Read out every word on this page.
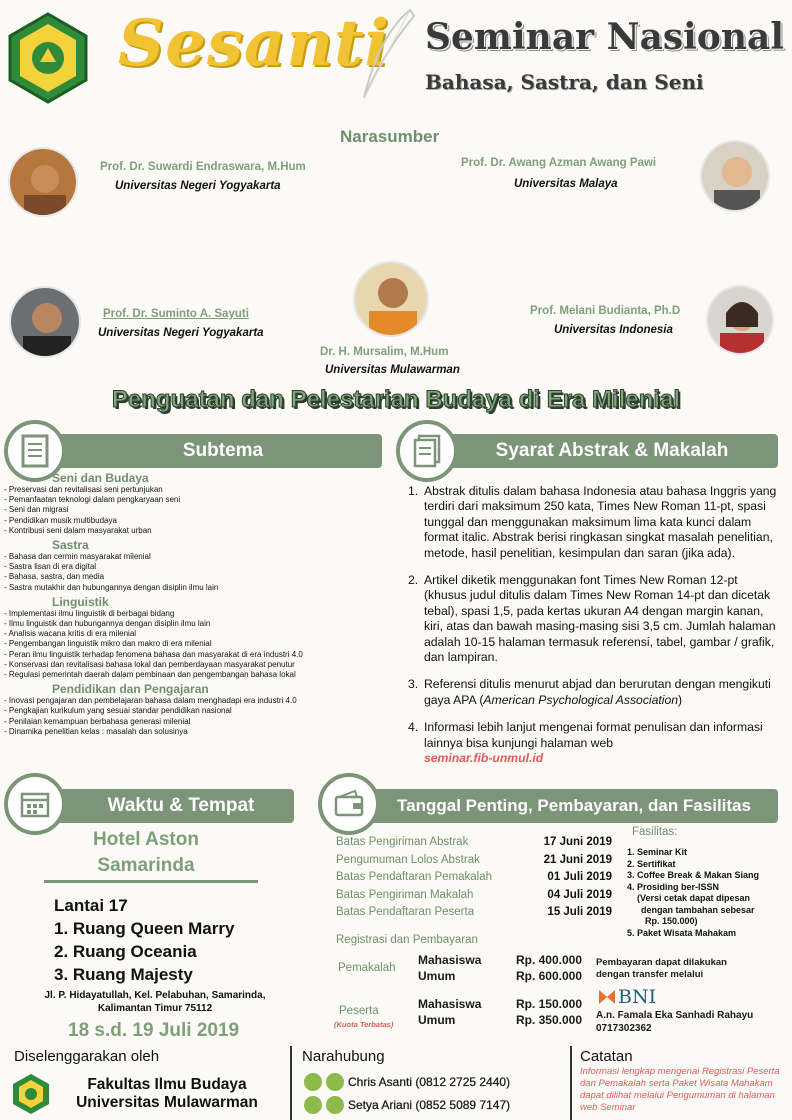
Sesanti Seminar Nasional
Bahasa, Sastra, dan Seni
Narasumber
Prof. Dr. Suwardi Endraswara, M.Hum
Universitas Negeri Yogyakarta
Prof. Dr. Awang Azman Awang Pawi
Universitas Malaya
Prof. Dr. Suminto A. Sayuti
Universitas Negeri Yogyakarta
Dr. H. Mursalim, M.Hum
Universitas Mulawarman
Prof. Melani Budianta, Ph.D
Universitas Indonesia
Penguatan dan Pelestarian Budaya di Era Milenial
Subtema
Seni dan Budaya
- Preservasi dan revitalisasi seni pertunjukan
- Pemanfaatan teknologi dalam pengkaryaan seni
- Seni dan migrasi
- Pendidikan musik multibudaya
- Kontribusi seni dalam masyarakat urban
Sastra
- Bahasa dan cermin masyarakat milenial
- Sastra lisan di era digital
- Bahasa, sastra, dan media
- Sastra mutakhir dan hubungannya dengan disiplin ilmu lain
Linguistik
- Implementasi ilmu linguistik di berbagai bidang
- Ilmu linguistik dan hubungannya dengan disiplin ilmu lain
- Analisis wacana kritis di era milenial
- Pengembangan linguistik mikro dan makro di era milenial
- Peran ilmu linguistik terhadap fenomena bahasa dan masyarakat di era industri 4.0
- Konservasi dan revitalisasi bahasa lokal dan pemberdayaan masyarakat penutur
- Regulasi pemerintah daerah dalam pembinaan dan pengembangan bahasa lokal
Pendidikan dan Pengajaran
- Inovasi pengajaran dan pembelajaran bahasa dalam menghadapi era industri 4.0
- Pengkajian kurikulum yang sesuai standar pendidikan nasional
- Penilaian kemampuan berbahasa generasi milenial
- Dinamika penelitian kelas : masalah dan solusinya
Syarat Abstrak & Makalah
1. Abstrak ditulis dalam bahasa Indonesia atau bahasa Inggris yang terdiri dari maksimum 250 kata, Times New Roman 11-pt, spasi tunggal dan menggunakan maksimum lima kata kunci dalam format italic. Abstrak berisi ringkasan singkat masalah penelitian, metode, hasil penelitian, kesimpulan dan saran (jika ada).
2. Artikel diketik menggunakan font Times New Roman 12-pt (khusus judul ditulis dalam Times New Roman 14-pt dan dicetak tebal), spasi 1,5, pada kertas ukuran A4 dengan margin kanan, kiri, atas dan bawah masing-masing sisi 3,5 cm. Jumlah halaman adalah 10-15 halaman termasuk referensi, tabel, gambar / grafik, dan lampiran.
3. Referensi ditulis menurut abjad dan berurutan dengan mengikuti gaya APA (American Psychological Association)
4. Informasi lebih lanjut mengenai format penulisan dan informasi lainnya bisa kunjungi halaman web
seminar.fib-unmul.id
Waktu & Tempat
Hotel Aston
Samarinda
Lantai 17
1. Ruang Queen Marry
2. Ruang Oceania
3. Ruang Majesty
Jl. P. Hidayatullah, Kel. Pelabuhan, Samarinda,
Kalimantan Timur 75112
18 s.d. 19 Juli 2019
Tanggal Penting, Pembayaran, dan Fasilitas
Batas Pengiriman Abstrak	17 Juni 2019
Pengumuman Lolos Abstrak	21 Juni 2019
Batas Pendaftaran Pemakalah	01 Juli 2019
Batas Pengiriman Makalah	04 Juli 2019
Batas Pendaftaran Peserta	15 Juli 2019
Registrasi dan Pembayaran
Pemakalah
Mahasiswa	Rp. 400.000
Umum	Rp. 600.000
Peserta
(Kuota Terbatas)
Mahasiswa	Rp. 150.000
Umum	Rp. 350.000
Fasilitas:
1. Seminar Kit
2. Sertifikat
3. Coffee Break & Makan Siang
4. Prosiding ber-ISSN
(Versi cetak dapat dipesan
dengan tambahan sebesar
Rp. 150.000)
5. Paket Wisata Mahakam
Pembayaran dapat dilakukan
dengan transfer melalui
BNI
A.n. Famala Eka Sanhadi Rahayu
0717302362
Diselenggarakan oleh
Fakultas Ilmu Budaya
Universitas Mulawarman
Narahubung
Chris Asanti (0812 2725 2440)
Setya Ariani (0852 5089 7147)
Catatan
Informasi lengkap mengenai Registrasi Peserta dan Pemakalah serta Paket Wisata Mahakam dapat dilihat melalui Pengumuman di halaman web Seminar
